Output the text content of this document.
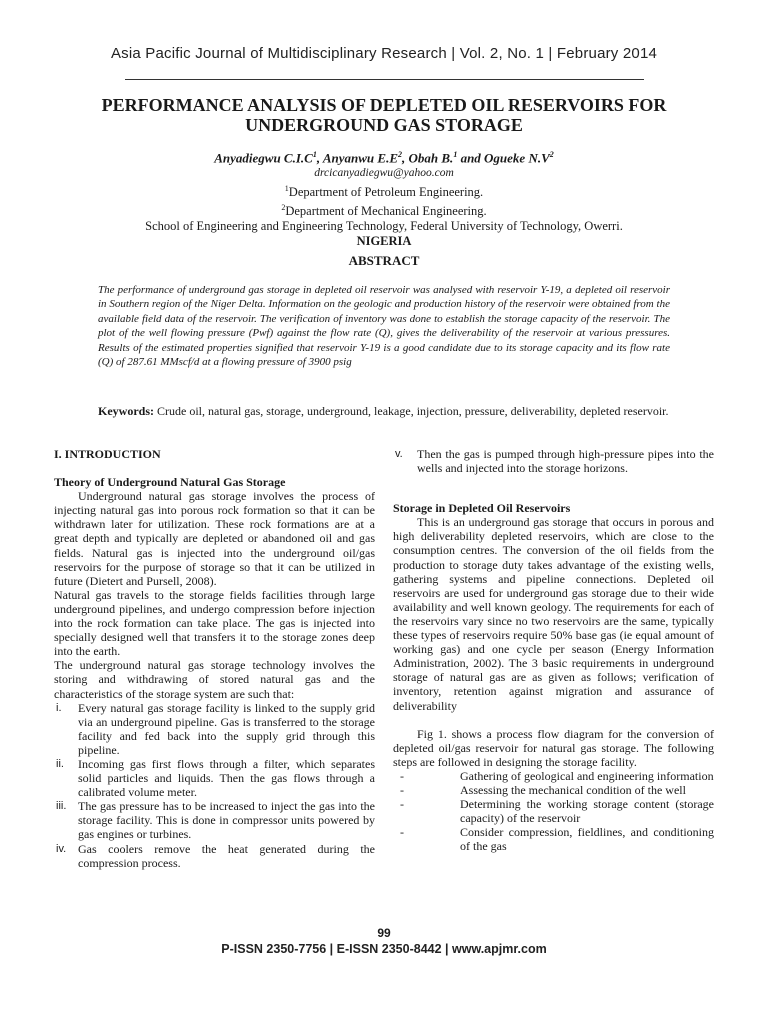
Asia Pacific Journal of Multidisciplinary Research | Vol. 2, No. 1 | February 2014
PERFORMANCE ANALYSIS OF DEPLETED OIL RESERVOIRS FOR
UNDERGROUND GAS STORAGE
Anyadiegwu $C.I.C^1$, Anyanwu $E.E^2$, Obah B.$^1$ and Ogueke $N.V^2$
drcicanyadiegwu@yahoo.com
$^1$Department of Petroleum Engineering.
$^2$Department of Mechanical Engineering.
School of Engineering and Engineering Technology, Federal University of Technology, Owerri.
NIGERIA
ABSTRACT
The performance of underground gas storage in depleted oil reservoir was analysed with reservoir Y-19, a depleted oil reservoir in Southern region of the Niger Delta. Information on the geologic and production history of the reservoir were obtained from the available field data of the reservoir. The verification of inventory was done to establish the storage capacity of the reservoir. The plot of the well flowing pressure (Pwf) against the flow rate (Q), gives the deliverability of the reservoir at various pressures. Results of the estimated properties signified that reservoir Y-19 is a good candidate due to its storage capacity and its flow rate (Q) of 287.61 MMscf/d at a flowing pressure of 3900 psig
Keywords: Crude oil, natural gas, storage, underground, leakage, injection, pressure, deliverability, depleted reservoir.
I. INTRODUCTION
Theory of Underground Natural Gas Storage

Underground natural gas storage involves the process of injecting natural gas into porous rock formation so that it can be withdrawn later for utilization. These rock formations are at a great depth and typically are depleted or abandoned oil and gas fields. Natural gas is injected into the underground oil/gas reservoirs for the purpose of storage so that it can be utilized in future (Dietert and Pursell, 2008).

Natural gas travels to the storage fields facilities through large underground pipelines, and undergo compression before injection into the rock formation can take place. The gas is injected into specially designed well that transfers it to the storage zones deep into the earth.

The underground natural gas storage technology involves the storing and withdrawing of stored natural gas and the characteristics of the storage system are such that:

i. Every natural gas storage facility is linked to the supply grid via an underground pipeline. Gas is transferred to the storage facility and fed back into the supply grid through this pipeline.
ii. Incoming gas first flows through a filter, which separates solid particles and liquids. Then the gas flows through a calibrated volume meter.
iii. The gas pressure has to be increased to inject the gas into the storage facility. This is done in compressor units powered by gas engines or turbines.
iv. Gas coolers remove the heat generated during the compression process.
v. Then the gas is pumped through high-pressure pipes into the wells and injected into the storage horizons.
Storage in Depleted Oil Reservoirs

This is an underground gas storage that occurs in porous and high deliverability depleted reservoirs, which are close to the consumption centres. The conversion of the oil fields from the production to storage duty takes advantage of the existing wells, gathering systems and pipeline connections. Depleted oil reservoirs are used for underground gas storage due to their wide availability and well known geology. The requirements for each of the reservoirs vary since no two reservoirs are the same, typically these types of reservoirs require 50% base gas (ie equal amount of working gas) and one cycle per season (Energy Information Administration, 2002). The 3 basic requirements in underground storage of natural gas are as given as follows; verification of inventory, retention against migration and assurance of deliverability

Fig 1. shows a process flow diagram for the conversion of depleted oil/gas reservoir for natural gas storage. The following steps are followed in designing the storage facility.

-	Gathering of geological and engineering information
-	Assessing the mechanical condition of the well
-	Determining the working storage content (storage capacity) of the reservoir
-	Consider compression, fieldlines, and conditioning of the gas
99
P-ISSN 2350-7756 | E-ISSN 2350-8442 | www.apjmr.com
